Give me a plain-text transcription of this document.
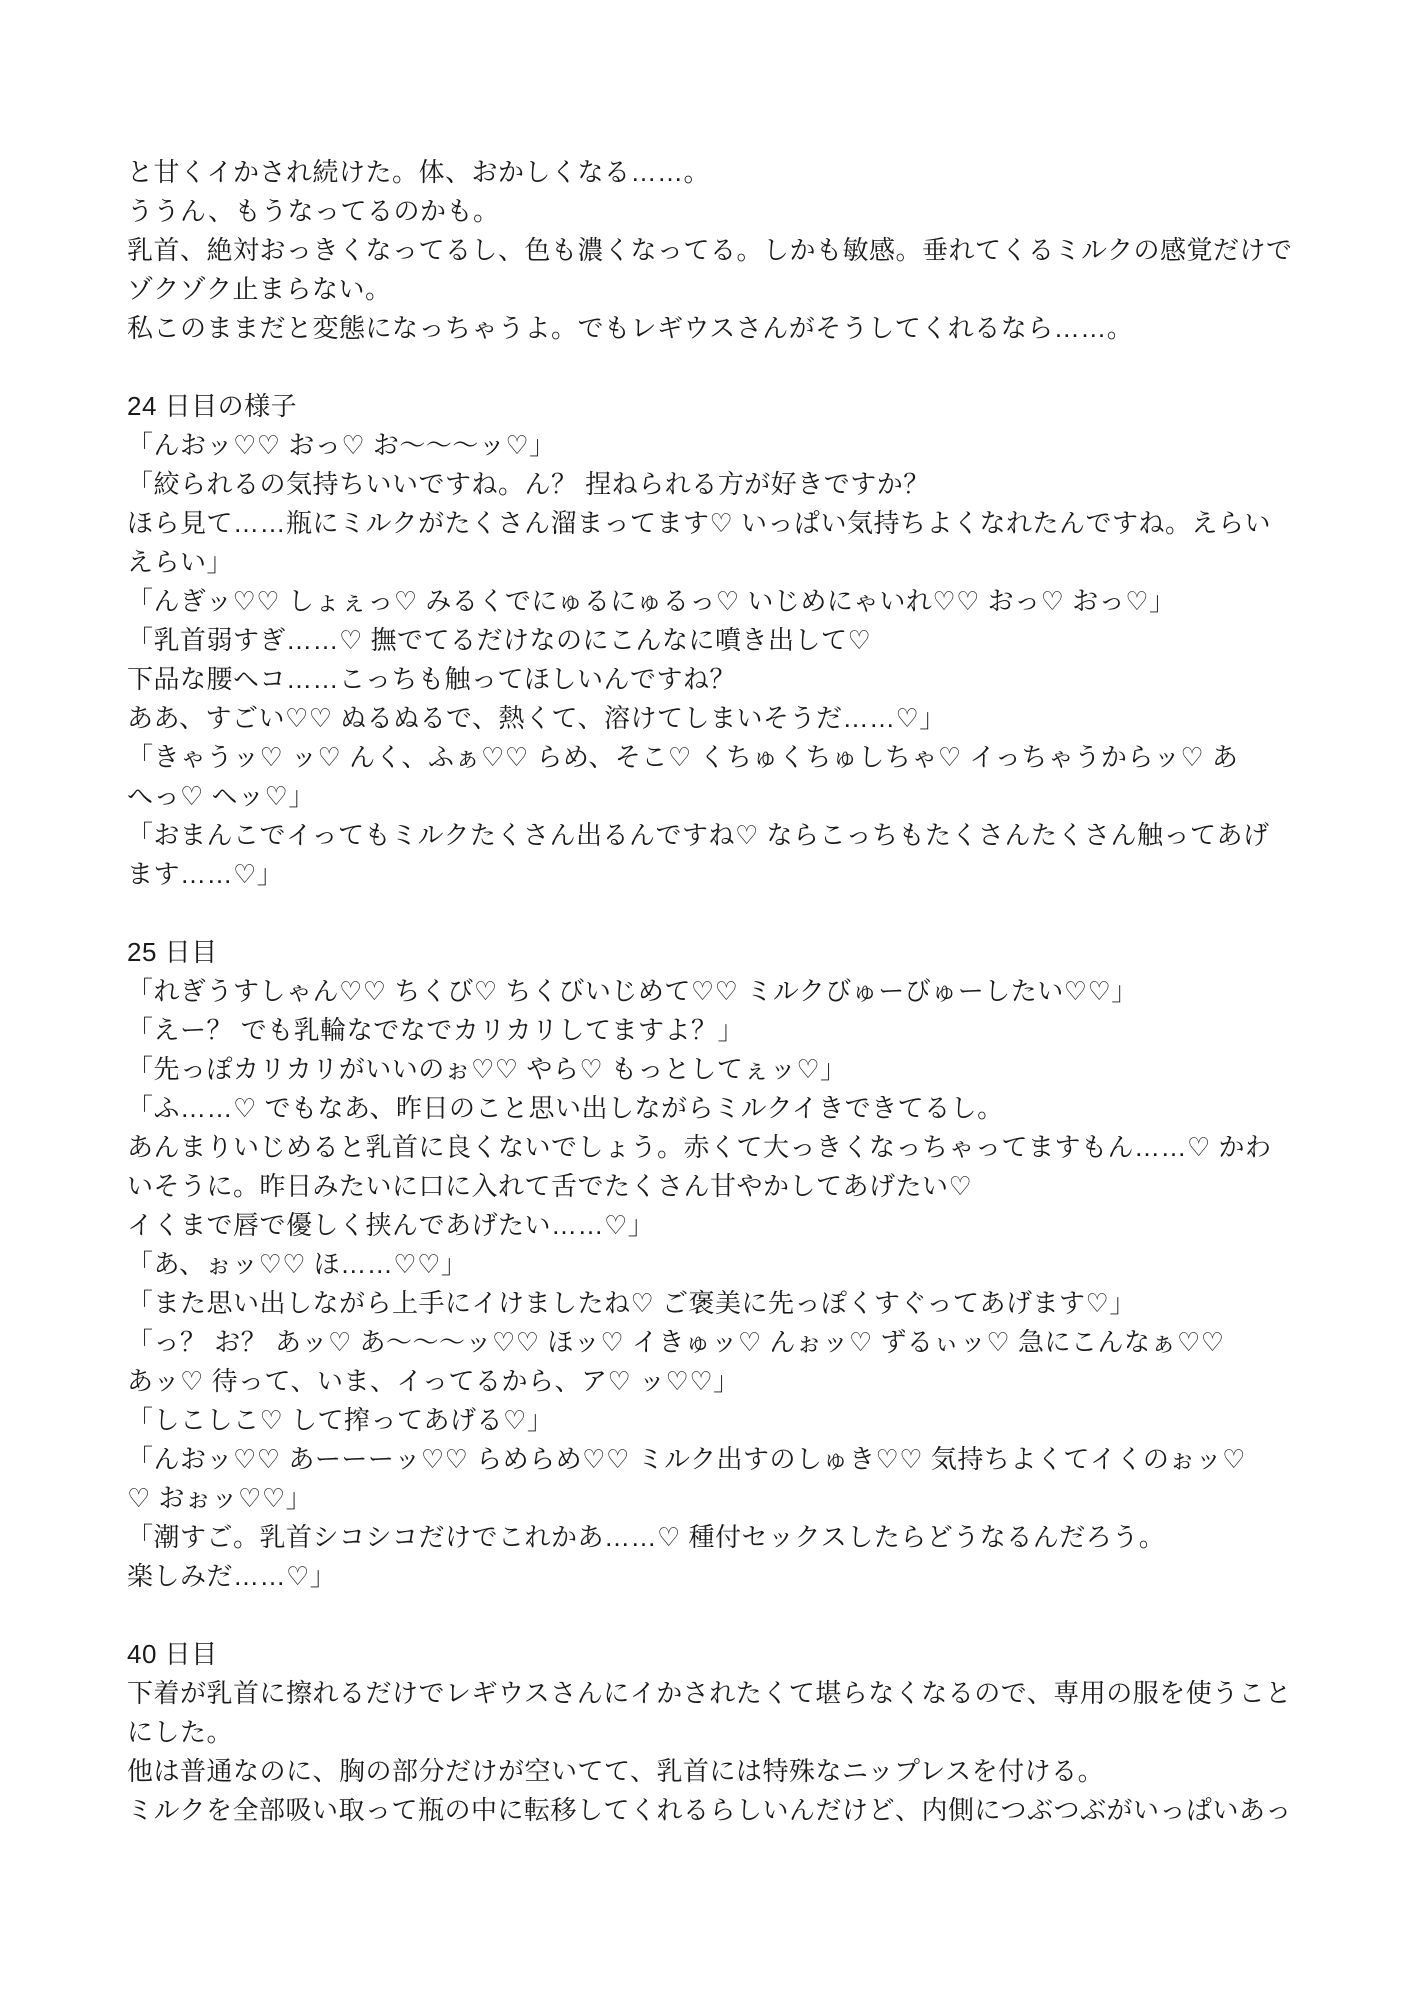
と甘くイかされ続けた。体、おかしくなる……。
ううん、もうなってるのかも。
乳首、絶対おっきくなってるし、色も濃くなってる。しかも敏感。垂れてくるミルクの感覚だけで
ゾクゾク止まらない。
私このままだと変態になっちゃうよ。でもレギウスさんがそうしてくれるなら……。
24 日目の様子
「んおッ♡♡ おっ♡ お～～～ッ♡」
「絞られるの気持ちいいですね。ん？ 捏ねられる方が好きですか？
ほら見て……瓶にミルクがたくさん溜まってます♡ いっぱい気持ちよくなれたんですね。えらい
えらい」
「んぎッ♡♡ しょぇっ♡ みるくでにゅるにゅるっ♡ いじめにゃいれ♡♡ おっ♡ おっ♡」
「乳首弱すぎ……♡ 撫でてるだけなのにこんなに噴き出して♡
下品な腰ヘコ……こっちも触ってほしいんですね？
ああ、すごい♡♡ ぬるぬるで、熱くて、溶けてしまいそうだ……♡」
「きゃうッ♡ ッ♡ んく、ふぁ♡♡ らめ、そこ♡ くちゅくちゅしちゃ♡ イっちゃうからッ♡ あ
へっ♡ ヘッ♡」
「おまんこでイってもミルクたくさん出るんですね♡ ならこっちもたくさんたくさん触ってあげ
ます……♡」
25 日目
「れぎうすしゃん♡♡ ちくび♡ ちくびいじめて♡♡ ミルクびゅーびゅーしたい♡♡」
「えー？ でも乳輪なでなでカリカリしてますよ？」
「先っぽカリカリがいいのぉ♡♡ やら♡ もっとしてぇッ♡」
「ふ……♡ でもなあ、昨日のこと思い出しながらミルクイきできてるし。
あんまりいじめると乳首に良くないでしょう。赤くて大っきくなっちゃってますもん……♡ かわ
いそうに。昨日みたいに口に入れて舌でたくさん甘やかしてあげたい♡
イくまで唇で優しく挟んであげたい……♡」
「あ、ぉッ♡♡ ほ……♡♡」
「また思い出しながら上手にイけましたね♡ ご褒美に先っぽくすぐってあげます♡」
「っ？ お？ あッ♡ あ～～～ッ♡♡ ほッ♡ イきゅッ♡ んぉッ♡ ずるぃッ♡ 急にこんなぁ♡♡
あッ♡ 待って、いま、イってるから、ア♡ ッ♡♡」
「しこしこ♡ して搾ってあげる♡」
「んおッ♡♡ あーーーッ♡♡ らめらめ♡♡ ミルク出すのしゅき♡♡ 気持ちよくてイくのぉッ♡
♡ おぉッ♡♡」
「潮すご。乳首シコシコだけでこれかあ……♡ 種付セックスしたらどうなるんだろう。
楽しみだ……♡」
40 日目
下着が乳首に擦れるだけでレギウスさんにイかされたくて堪らなくなるので、専用の服を使うこと
にした。
他は普通なのに、胸の部分だけが空いてて、乳首には特殊なニップレスを付ける。
ミルクを全部吸い取って瓶の中に転移してくれるらしいんだけど、内側につぶつぶがいっぱいあっ
